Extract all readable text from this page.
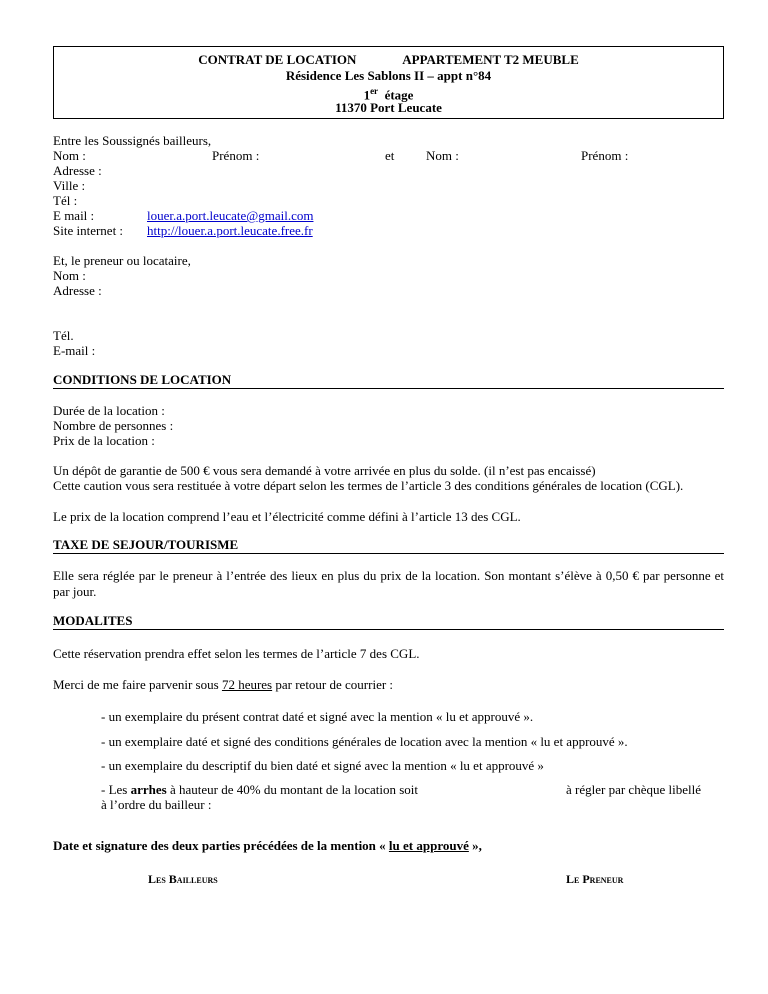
CONTRAT DE LOCATION	APPARTEMENT T2 MEUBLE
Résidence Les Sablons II – appt n°84
1er étage
11370 Port Leucate
Entre les Soussignés bailleurs,
Nom :	Prénom :	et Nom :	Prénom :
Adresse :
Ville :
Tél :
E mail :	louer.a.port.leucate@gmail.com
Site internet : http://louer.a.port.leucate.free.fr
Et, le preneur ou locataire,
Nom :
Adresse :
Tél.
E-mail :
CONDITIONS DE LOCATION
Durée de la location :
Nombre de personnes :
Prix de la location :
Un dépôt de garantie de 500 € vous sera demandé à votre arrivée en plus du solde. (il n’est pas encaissé)
Cette caution vous sera restituée à votre départ selon les termes de l’article 3 des conditions générales de location (CGL).
Le prix de la location comprend l’eau et l’électricité comme défini à l’article 13 des CGL.
TAXE DE SEJOUR/TOURISME
Elle sera réglée par le preneur à l’entrée des lieux en plus du prix de la location. Son montant s’élève à 0,50 € par personne et par jour.
MODALITES
Cette réservation prendra effet selon les termes de l’article 7 des CGL.
Merci de me faire parvenir sous 72 heures par retour de courrier :
- un exemplaire du présent contrat daté et signé avec la mention « lu et approuvé ».
- un exemplaire daté et signé des conditions générales de location avec la mention « lu et approuvé ».
- un exemplaire du descriptif du bien daté et signé avec la mention « lu et approuvé »
- Les arrhes à hauteur de 40% du montant de la location soit	à régler par chèque libellé
à l’ordre du bailleur :
Date et signature des deux parties précédées de la mention « lu et approuvé »,
Les Bailleurs	Le Preneur
